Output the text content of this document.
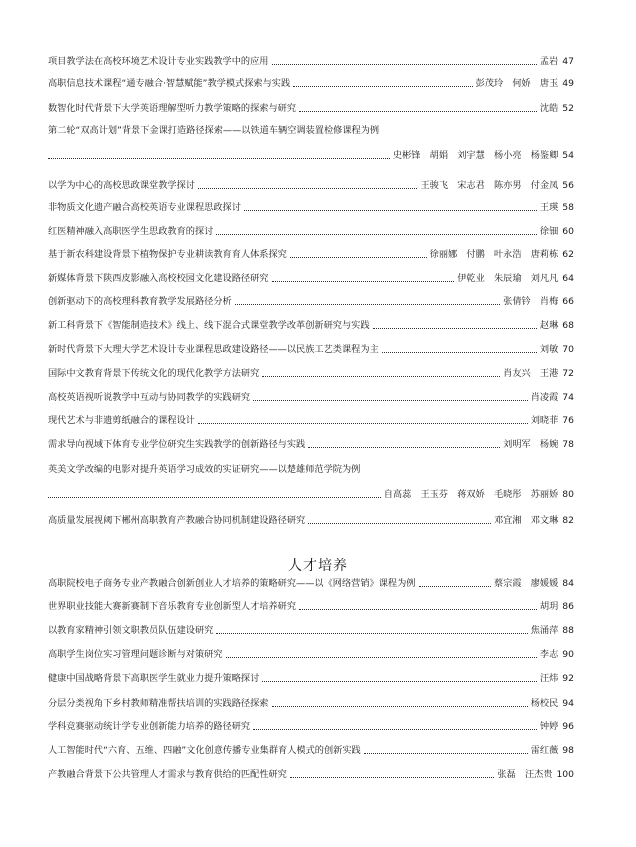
项目教学法在高校环境艺术设计专业实践教学中的应用	孟岩 47
高职信息技术课程“通专融合·智慧赋能”教学模式探索与实践	彭茂玲　何娇　唐玉 49
数智化时代背景下大学英语理解型听力教学策略的探索与研究	沈皓 52
第二轮“双高计划”背景下金课打造路径探索——以铁道车辆空调装置检修课程为例
史彬锋　胡娟　刘宇慧　杨小亮　杨鉴卿 54
以学为中心的高校思政课堂教学探讨	王骏飞　宋志君　陈亦男　付金凤 56
非物质文化遗产融合高校英语专业课程思政探讨	王瑛 58
红医精神融入高职医学生思政教育的探讨	徐钿 60
基于新农科建设背景下植物保护专业耕读教育育人体系探究	徐丽娜　付鹏　叶永浩　唐莉栋 62
新媒体背景下陕西皮影融入高校校园文化建设路径研究	伊乾业　朱辰瑜　刘凡凡 64
创新驱动下的高校理科教育教学发展路径分析	张倩钤　肖梅 66
新工科背景下《智能制造技术》线上、线下混合式课堂教学改革创新研究与实践	赵琳 68
新时代背景下大理大学艺术设计专业课程思政建设路径——以民族工艺类课程为主	刘敏 70
国际中文教育背景下传统文化的现代化教学方法研究	肖友兴　王港 72
高校英语视听说教学中互动与协同教学的实践研究	肖凌霞 74
现代艺术与非遗剪纸融合的课程设计	刘晓菲 76
需求导向视域下体育专业学位研究生实践教学的创新路径与实践	刘明军　杨婉 78
英美文学改编的电影对提升英语学习成效的实证研究——以楚雄师范学院为例
自高蕊　王玉芬　蒋双娇　毛晓彤　苏丽娇 80
高质量发展视阈下郴州高职教育产教融合协同机制建设路径研究	邓宜湘　邓文琳 82
人才培养
高职院校电子商务专业产教融合创新创业人才培养的策略研究——以《网络营销》课程为例	蔡宗霞　廖媛媛 84
世界职业技能大赛新赛制下音乐教育专业创新型人才培养研究	胡玥 86
以教育家精神引领文职教员队伍建设研究	焦涌萍 88
高职学生岗位实习管理问题诊断与对策研究	李志 90
健康中国战略背景下高职医学生就业力提升策略探讨	汪炜 92
分层分类视角下乡村教师精准帮扶培训的实践路径探索	杨校民 94
学科竞赛驱动统计学专业创新能力培养的路径研究	钟婷 96
人工智能时代“六育、五维、四融”文化创意传播专业集群育人模式的创新实践	雷红薇 98
产教融合背景下公共管理人才需求与教育供给的匹配性研究	张磊　汪杰贵 100
